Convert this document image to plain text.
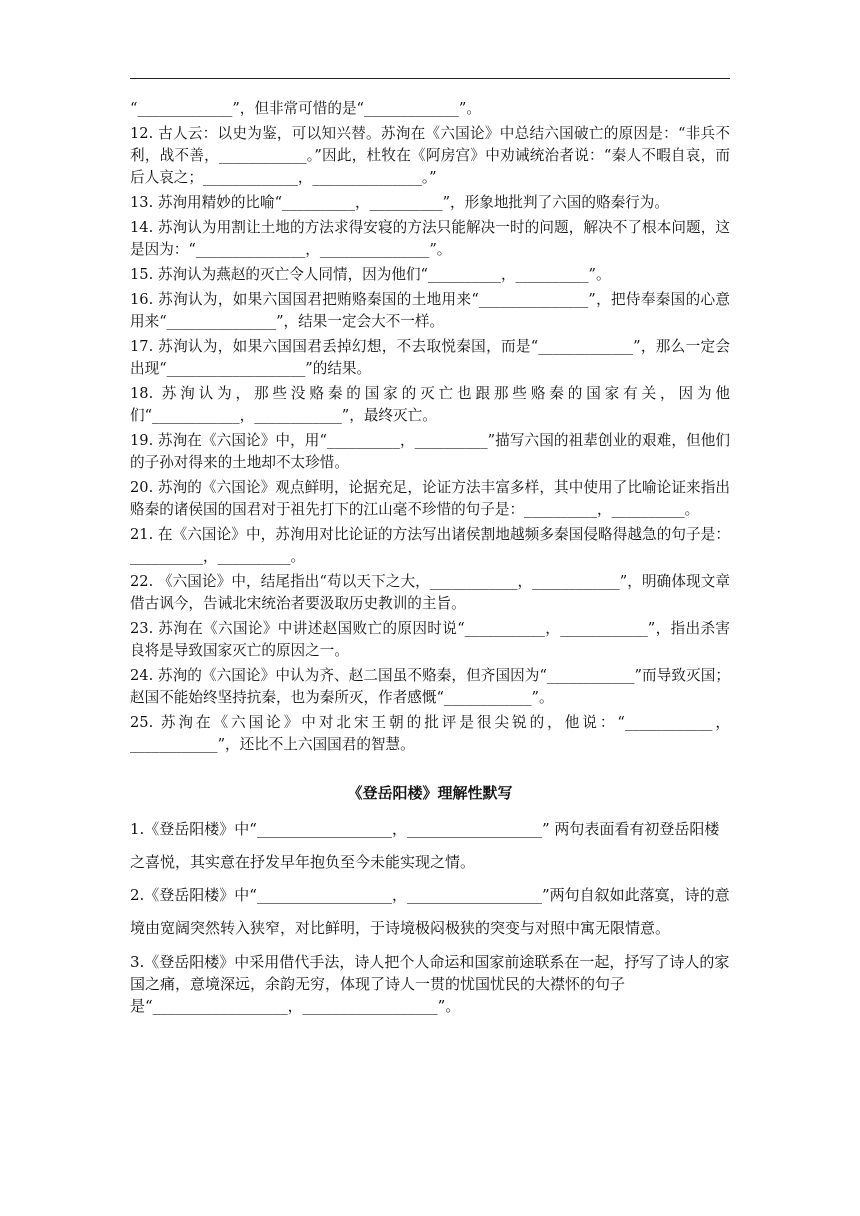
“_____________”，但非常可惜的是“_____________”。

12. 古人云：以史为鉴，可以知兴替。苏洵在《六国论》中总结六国破亡的原因是：“非兵不利，战不善，____________。”因此，杜牧在《阿房宫》中劝诫统治者说：“秦人不暇自哀，而后人哀之；_____________，_______________。”

13. 苏洵用精妙的比喻“__________，__________”，形象地批判了六国的赂秦行为。

14. 苏洵认为用割让土地的方法求得安寝的方法只能解决一时的问题，解决不了根本问题，这是因为：“_______________，_______________”。

15. 苏洵认为燕赵的灭亡令人同情，因为他们“__________，__________”。

16. 苏洵认为，如果六国国君把贿赂秦国的土地用来“_______________”，把侍奉秦国的心意用来“_______________”，结果一定会大不一样。

17. 苏洵认为，如果六国国君丢掉幻想，不去取悦秦国，而是“_____________”，那么一定会出现“___________________”的结果。

18. 苏洵认为，那些没赂秦的国家的灭亡也跟那些赂秦的国家有关，因为他们“____________，____________”，最终灭亡。

19. 苏洵在《六国论》中，用“__________，__________”描写六国的祖辈创业的艰难，但他们的子孙对得来的土地却不太珍惜。

20. 苏洵的《六国论》观点鲜明，论据充足，论证方法丰富多样，其中使用了比喻论证来指出赂秦的诸侯国的国君对于祖先打下的江山毫不珍惜的句子是：__________，__________。

21. 在《六国论》中，苏洵用对比论证的方法写出诸侯割地越频多秦国侵略得越急的句子是：__________，__________。

22. 《六国论》中，结尾指出“苟以天下之大，____________，____________”，明确体现文章借古讽今，告诫北宋统治者要汲取历史教训的主旨。

23. 苏洵在《六国论》中讲述赵国败亡的原因时说“___________，____________”，指出杀害良将是导致国家灭亡的原因之一。

24. 苏洵的《六国论》中认为齐、赵二国虽不赂秦，但齐国因为“____________”而导致灭国；赵国不能始终坚持抗秦，也为秦所灭，作者感慨“____________”。

25. 苏洵在《六国论》中对北宋王朝的批评是很尖锐的，他说：“____________，____________”，还比不上六国国君的智慧。

《登岳阳楼》理解性默写

1.《登岳阳楼》中“__________________，__________________” 两句表面看有初登岳阳楼之喜悦，其实意在抒发早年抱负至今未能实现之情。

2.《登岳阳楼》中“__________________，__________________”两句自叙如此落寞，诗的意境由宽阔突然转入狭窄，对比鲜明，于诗境极闷极狭的突变与对照中寓无限情意。

3.《登岳阳楼》中采用借代手法，诗人把个人命运和国家前途联系在一起，抒写了诗人的家国之痛，意境深远，余韵无穷，体现了诗人一贯的忧国忧民的大襟怀的句子是“__________________，__________________”。
